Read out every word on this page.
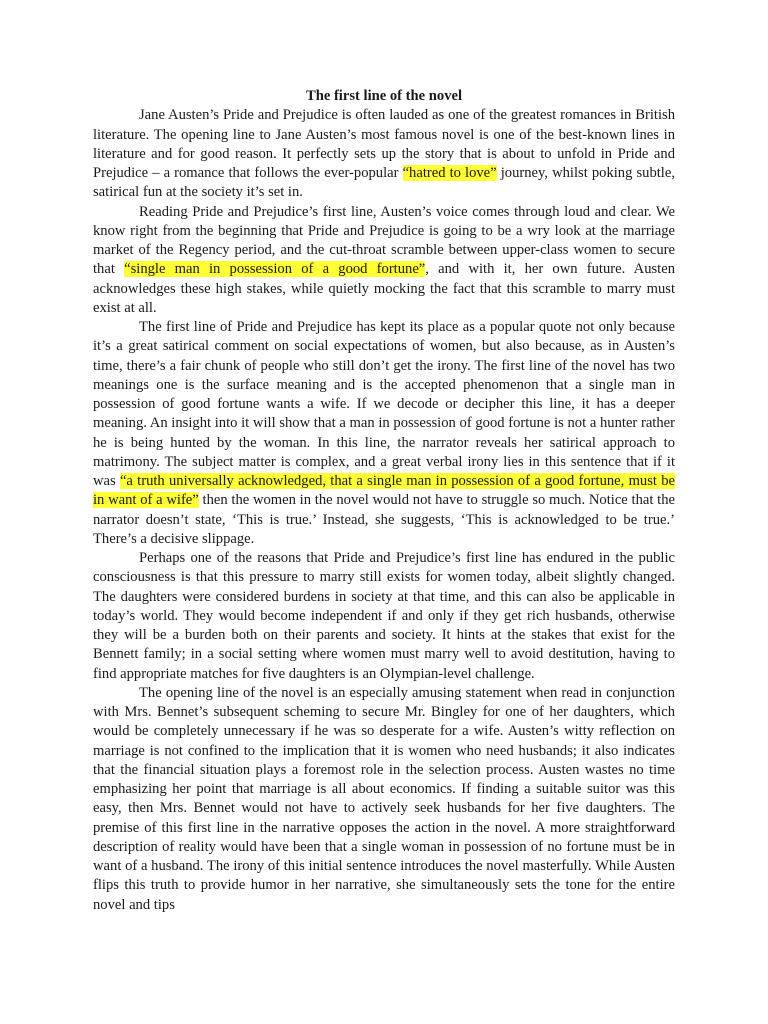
The first line of the novel

Jane Austen’s Pride and Prejudice is often lauded as one of the greatest romances in British literature. The opening line to Jane Austen’s most famous novel is one of the best-known lines in literature and for good reason. It perfectly sets up the story that is about to unfold in Pride and Prejudice – a romance that follows the ever-popular “hatred to love” journey, whilst poking subtle, satirical fun at the society it’s set in.

Reading Pride and Prejudice’s first line, Austen’s voice comes through loud and clear. We know right from the beginning that Pride and Prejudice is going to be a wry look at the marriage market of the Regency period, and the cut-throat scramble between upper-class women to secure that “single man in possession of a good fortune”, and with it, her own future. Austen acknowledges these high stakes, while quietly mocking the fact that this scramble to marry must exist at all.

The first line of Pride and Prejudice has kept its place as a popular quote not only because it’s a great satirical comment on social expectations of women, but also because, as in Austen’s time, there’s a fair chunk of people who still don’t get the irony. The first line of the novel has two meanings one is the surface meaning and is the accepted phenomenon that a single man in possession of good fortune wants a wife. If we decode or decipher this line, it has a deeper meaning. An insight into it will show that a man in possession of good fortune is not a hunter rather he is being hunted by the woman. In this line, the narrator reveals her satirical approach to matrimony. The subject matter is complex, and a great verbal irony lies in this sentence that if it was “a truth universally acknowledged, that a single man in possession of a good fortune, must be in want of a wife” then the women in the novel would not have to struggle so much. Notice that the narrator doesn’t state, ‘This is true.’ Instead, she suggests, ‘This is acknowledged to be true.’ There’s a decisive slippage.

Perhaps one of the reasons that Pride and Prejudice’s first line has endured in the public consciousness is that this pressure to marry still exists for women today, albeit slightly changed. The daughters were considered burdens in society at that time, and this can also be applicable in today’s world. They would become independent if and only if they get rich husbands, otherwise they will be a burden both on their parents and society. It hints at the stakes that exist for the Bennett family; in a social setting where women must marry well to avoid destitution, having to find appropriate matches for five daughters is an Olympian-level challenge.

The opening line of the novel is an especially amusing statement when read in conjunction with Mrs. Bennet’s subsequent scheming to secure Mr. Bingley for one of her daughters, which would be completely unnecessary if he was so desperate for a wife. Austen’s witty reflection on marriage is not confined to the implication that it is women who need husbands; it also indicates that the financial situation plays a foremost role in the selection process. Austen wastes no time emphasizing her point that marriage is all about economics. If finding a suitable suitor was this easy, then Mrs. Bennet would not have to actively seek husbands for her five daughters. The premise of this first line in the narrative opposes the action in the novel. A more straightforward description of reality would have been that a single woman in possession of no fortune must be in want of a husband. The irony of this initial sentence introduces the novel masterfully. While Austen flips this truth to provide humor in her narrative, she simultaneously sets the tone for the entire novel and tips
